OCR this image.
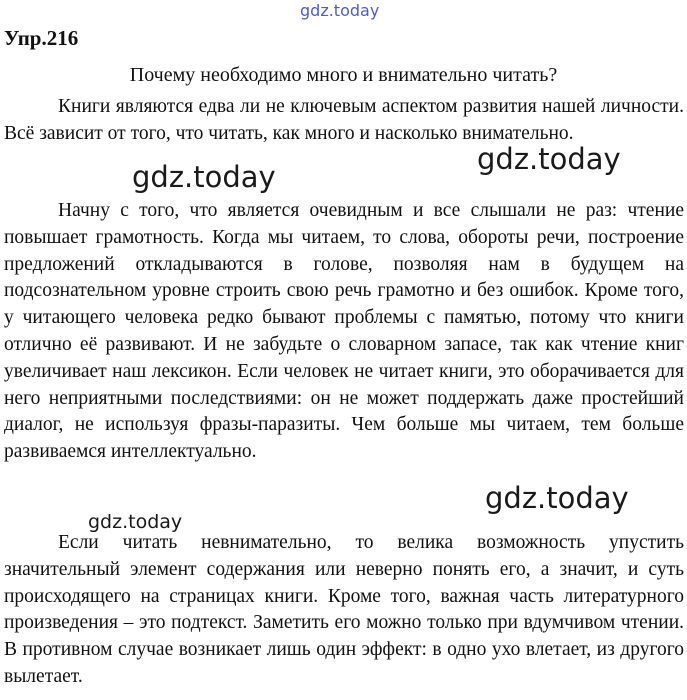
gdz.today
Упр.216
Почему необходимо много и внимательно читать?

Книги являются едва ли не ключевым аспектом развития нашей личности. Всё зависит от того, что читать, как много и насколько внимательно.

Начну с того, что является очевидным и все слышали не раз: чтение повышает грамотность. Когда мы читаем, то слова, обороты речи, построение предложений откладываются в голове, позволяя нам в будущем на подсознательном уровне строить свою речь грамотно и без ошибок. Кроме того, у читающего человека редко бывают проблемы с памятью, потому что книги отлично её развивают. И не забудьте о словарном запасе, так как чтение книг увеличивает наш лексикон. Если человек не читает книги, это оборачивается для него неприятными последствиями: он не может поддержать даже простейший диалог, не используя фразы-паразиты. Чем больше мы читаем, тем больше развиваемся интеллектуально.

Если читать невнимательно, то велика возможность упустить значительный элемент содержания или неверно понять его, а значит, и суть происходящего на страницах книги. Кроме того, важная часть литературного произведения – это подтекст. Заметить его можно только при вдумчивом чтении. В противном случае возникает лишь один эффект: в одно ухо влетает, из другого вылетает.

gdz.today
gdz.today
gdz.today
gdz.today
